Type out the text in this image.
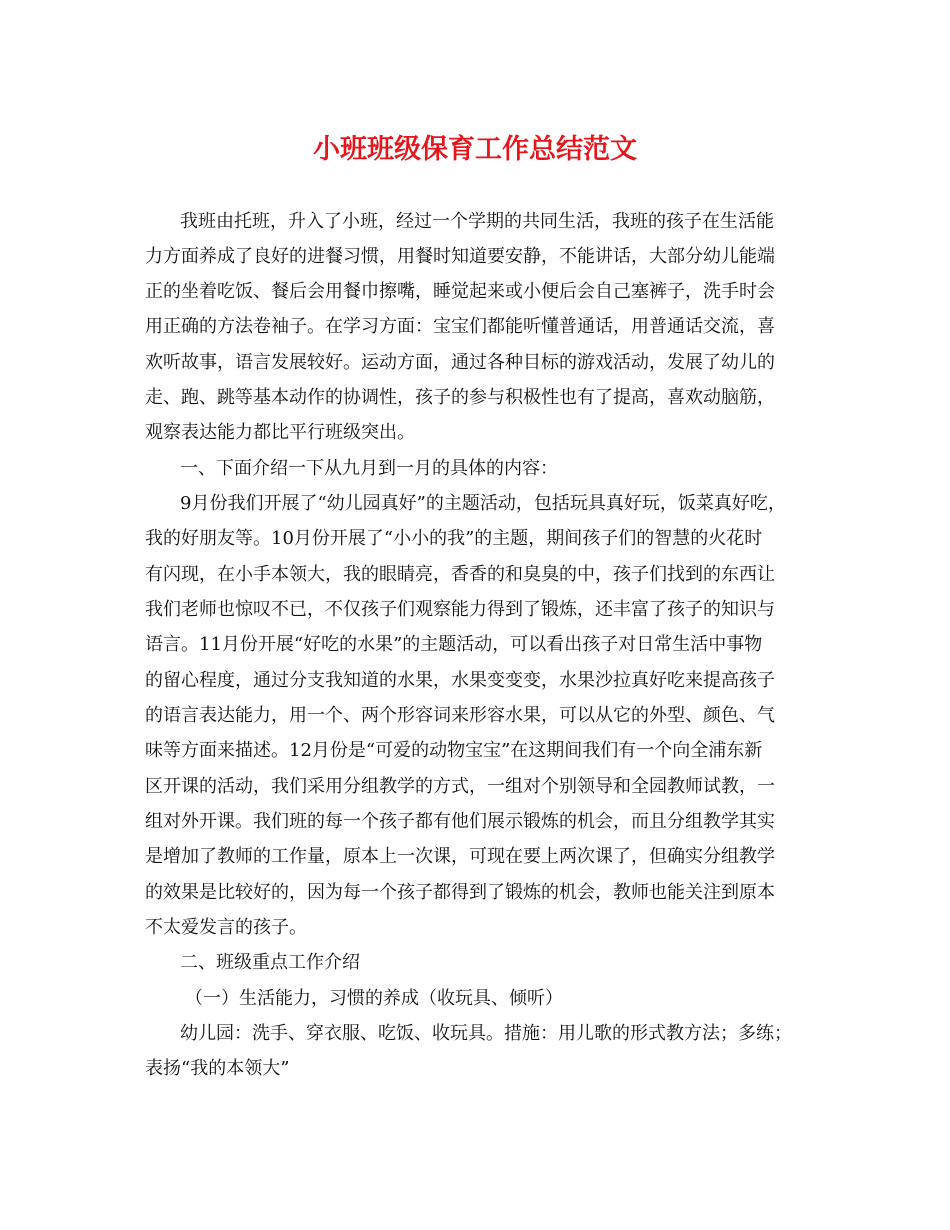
小班班级保育工作总结范文

我班由托班，升入了小班，经过一个学期的共同生活，我班的孩子在生活能

力方面养成了良好的进餐习惯，用餐时知道要安静，不能讲话，大部分幼儿能端

正的坐着吃饭、餐后会用餐巾擦嘴，睡觉起来或小便后会自己塞裤子，洗手时会

用正确的方法卷袖子。在学习方面：宝宝们都能听懂普通话，用普通话交流，喜

欢听故事，语言发展较好。运动方面，通过各种目标的游戏活动，发展了幼儿的

走、跑、跳等基本动作的协调性，孩子的参与积极性也有了提高，喜欢动脑筋，

观察表达能力都比平行班级突出。

一、下面介绍一下从九月到一月的具体的内容：

9月份我们开展了“幼儿园真好”的主题活动，包括玩具真好玩，饭菜真好吃，

我的好朋友等。10月份开展了“小小的我”的主题，期间孩子们的智慧的火花时

有闪现，在小手本领大，我的眼睛亮，香香的和臭臭的中，孩子们找到的东西让

我们老师也惊叹不已，不仅孩子们观察能力得到了锻炼，还丰富了孩子的知识与

语言。11月份开展“好吃的水果”的主题活动，可以看出孩子对日常生活中事物

的留心程度，通过分支我知道的水果，水果变变变，水果沙拉真好吃来提高孩子

的语言表达能力，用一个、两个形容词来形容水果，可以从它的外型、颜色、气

味等方面来描述。12月份是“可爱的动物宝宝”在这期间我们有一个向全浦东新

区开课的活动，我们采用分组教学的方式，一组对个别领导和全园教师试教，一

组对外开课。我们班的每一个孩子都有他们展示锻炼的机会，而且分组教学其实

是增加了教师的工作量，原本上一次课，可现在要上两次课了，但确实分组教学

的效果是比较好的，因为每一个孩子都得到了锻炼的机会，教师也能关注到原本

不太爱发言的孩子。

二、班级重点工作介绍

（一）生活能力，习惯的养成（收玩具、倾听）

幼儿园：洗手、穿衣服、吃饭、收玩具。措施：用儿歌的形式教方法；多练；

表扬“我的本领大”
